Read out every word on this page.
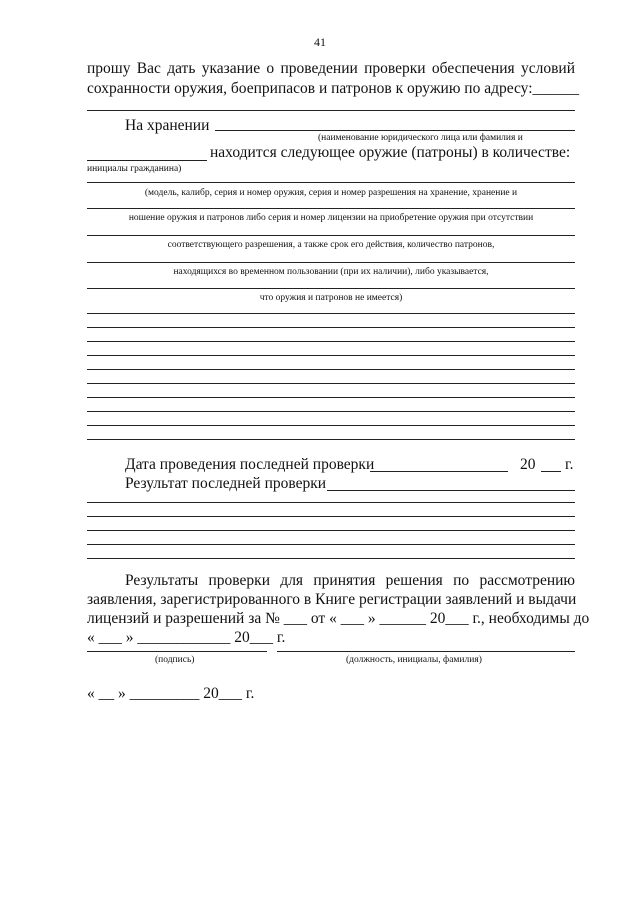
41
прошу Вас дать указание о проведении проверки обеспечения условий
сохранности оружия, боеприпасов и патронов к оружию по адресу:______
На хранении
(наименование юридического лица или фамилия и
находится следующее оружие (патроны) в количестве:
инициалы гражданина)
(модель, калибр, серия и номер оружия, серия и номер разрешения на хранение, хранение и
ношение оружия и патронов либо серия и номер лицензии на приобретение оружия при отсутствии
соответствующего разрешения, а также срок его действия, количество патронов,
находящихся во временном пользовании (при их наличии), либо указывается,
что оружия и патронов не имеется)
Дата проведения последней проверки	20 г.
Результат последней проверки
Результаты проверки для принятия решения по рассмотрению
заявления, зарегистрированного в Книге регистрации заявлений и выдачи
лицензий и разрешений за № ___ от « ___ » ______ 20___ г., необходимы до
« ___ » ____________ 20___ г.
(подпись)	(должность, инициалы, фамилия)
« __ » _________ 20___ г.
